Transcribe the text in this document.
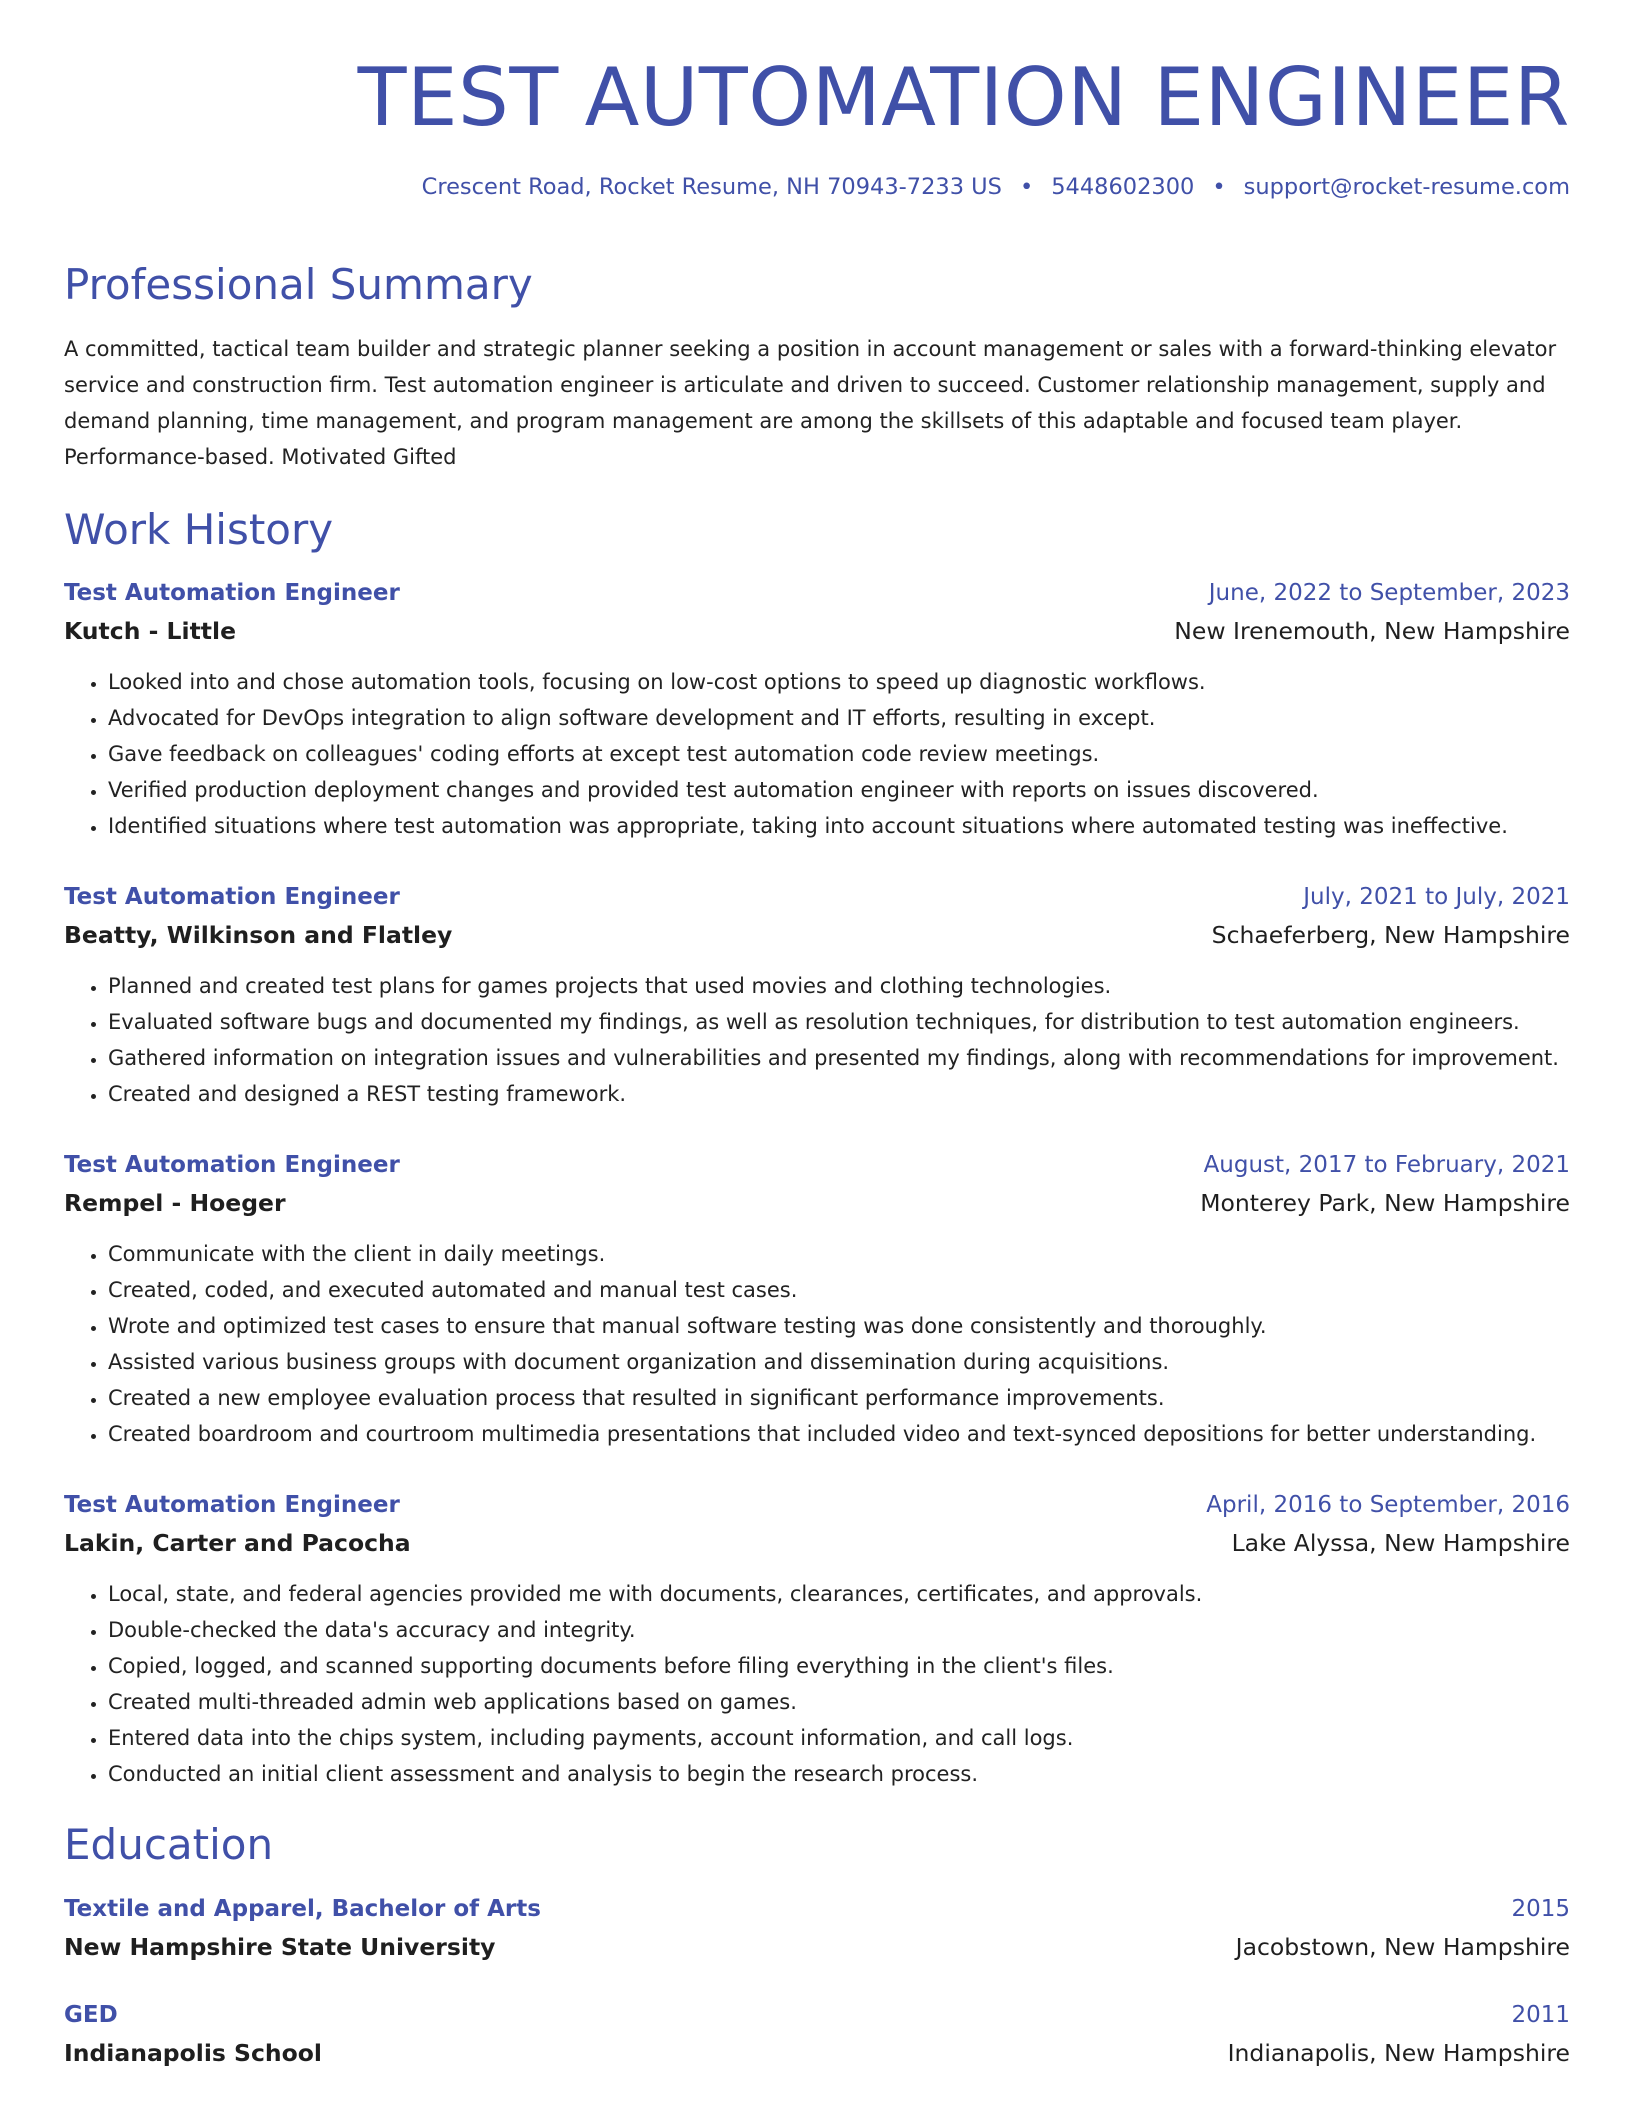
TEST AUTOMATION ENGINEER
Crescent Road, Rocket Resume, NH 70943-7233 US • 5448602300 • support@rocket-resume.com
Professional Summary
A committed, tactical team builder and strategic planner seeking a position in account management or sales with a forward-thinking elevator service and construction firm. Test automation engineer is articulate and driven to succeed. Customer relationship management, supply and demand planning, time management, and program management are among the skillsets of this adaptable and focused team player. Performance-based. Motivated Gifted
Work History
Test Automation Engineer	June, 2022 to September, 2023
Kutch - Little	New Irenemouth, New Hampshire
• Looked into and chose automation tools, focusing on low-cost options to speed up diagnostic workflows.
• Advocated for DevOps integration to align software development and IT efforts, resulting in except.
• Gave feedback on colleagues' coding efforts at except test automation code review meetings.
• Verified production deployment changes and provided test automation engineer with reports on issues discovered.
• Identified situations where test automation was appropriate, taking into account situations where automated testing was ineffective.
Test Automation Engineer	July, 2021 to July, 2021
Beatty, Wilkinson and Flatley	Schaeferberg, New Hampshire
• Planned and created test plans for games projects that used movies and clothing technologies.
• Evaluated software bugs and documented my findings, as well as resolution techniques, for distribution to test automation engineers.
• Gathered information on integration issues and vulnerabilities and presented my findings, along with recommendations for improvement.
• Created and designed a REST testing framework.
Test Automation Engineer	August, 2017 to February, 2021
Rempel - Hoeger	Monterey Park, New Hampshire
• Communicate with the client in daily meetings.
• Created, coded, and executed automated and manual test cases.
• Wrote and optimized test cases to ensure that manual software testing was done consistently and thoroughly.
• Assisted various business groups with document organization and dissemination during acquisitions.
• Created a new employee evaluation process that resulted in significant performance improvements.
• Created boardroom and courtroom multimedia presentations that included video and text-synced depositions for better understanding.
Test Automation Engineer	April, 2016 to September, 2016
Lakin, Carter and Pacocha	Lake Alyssa, New Hampshire
• Local, state, and federal agencies provided me with documents, clearances, certificates, and approvals.
• Double-checked the data's accuracy and integrity.
• Copied, logged, and scanned supporting documents before filing everything in the client's files.
• Created multi-threaded admin web applications based on games.
• Entered data into the chips system, including payments, account information, and call logs.
• Conducted an initial client assessment and analysis to begin the research process.
Education
Textile and Apparel, Bachelor of Arts	2015
New Hampshire State University	Jacobstown, New Hampshire
GED	2011
Indianapolis School	Indianapolis, New Hampshire
